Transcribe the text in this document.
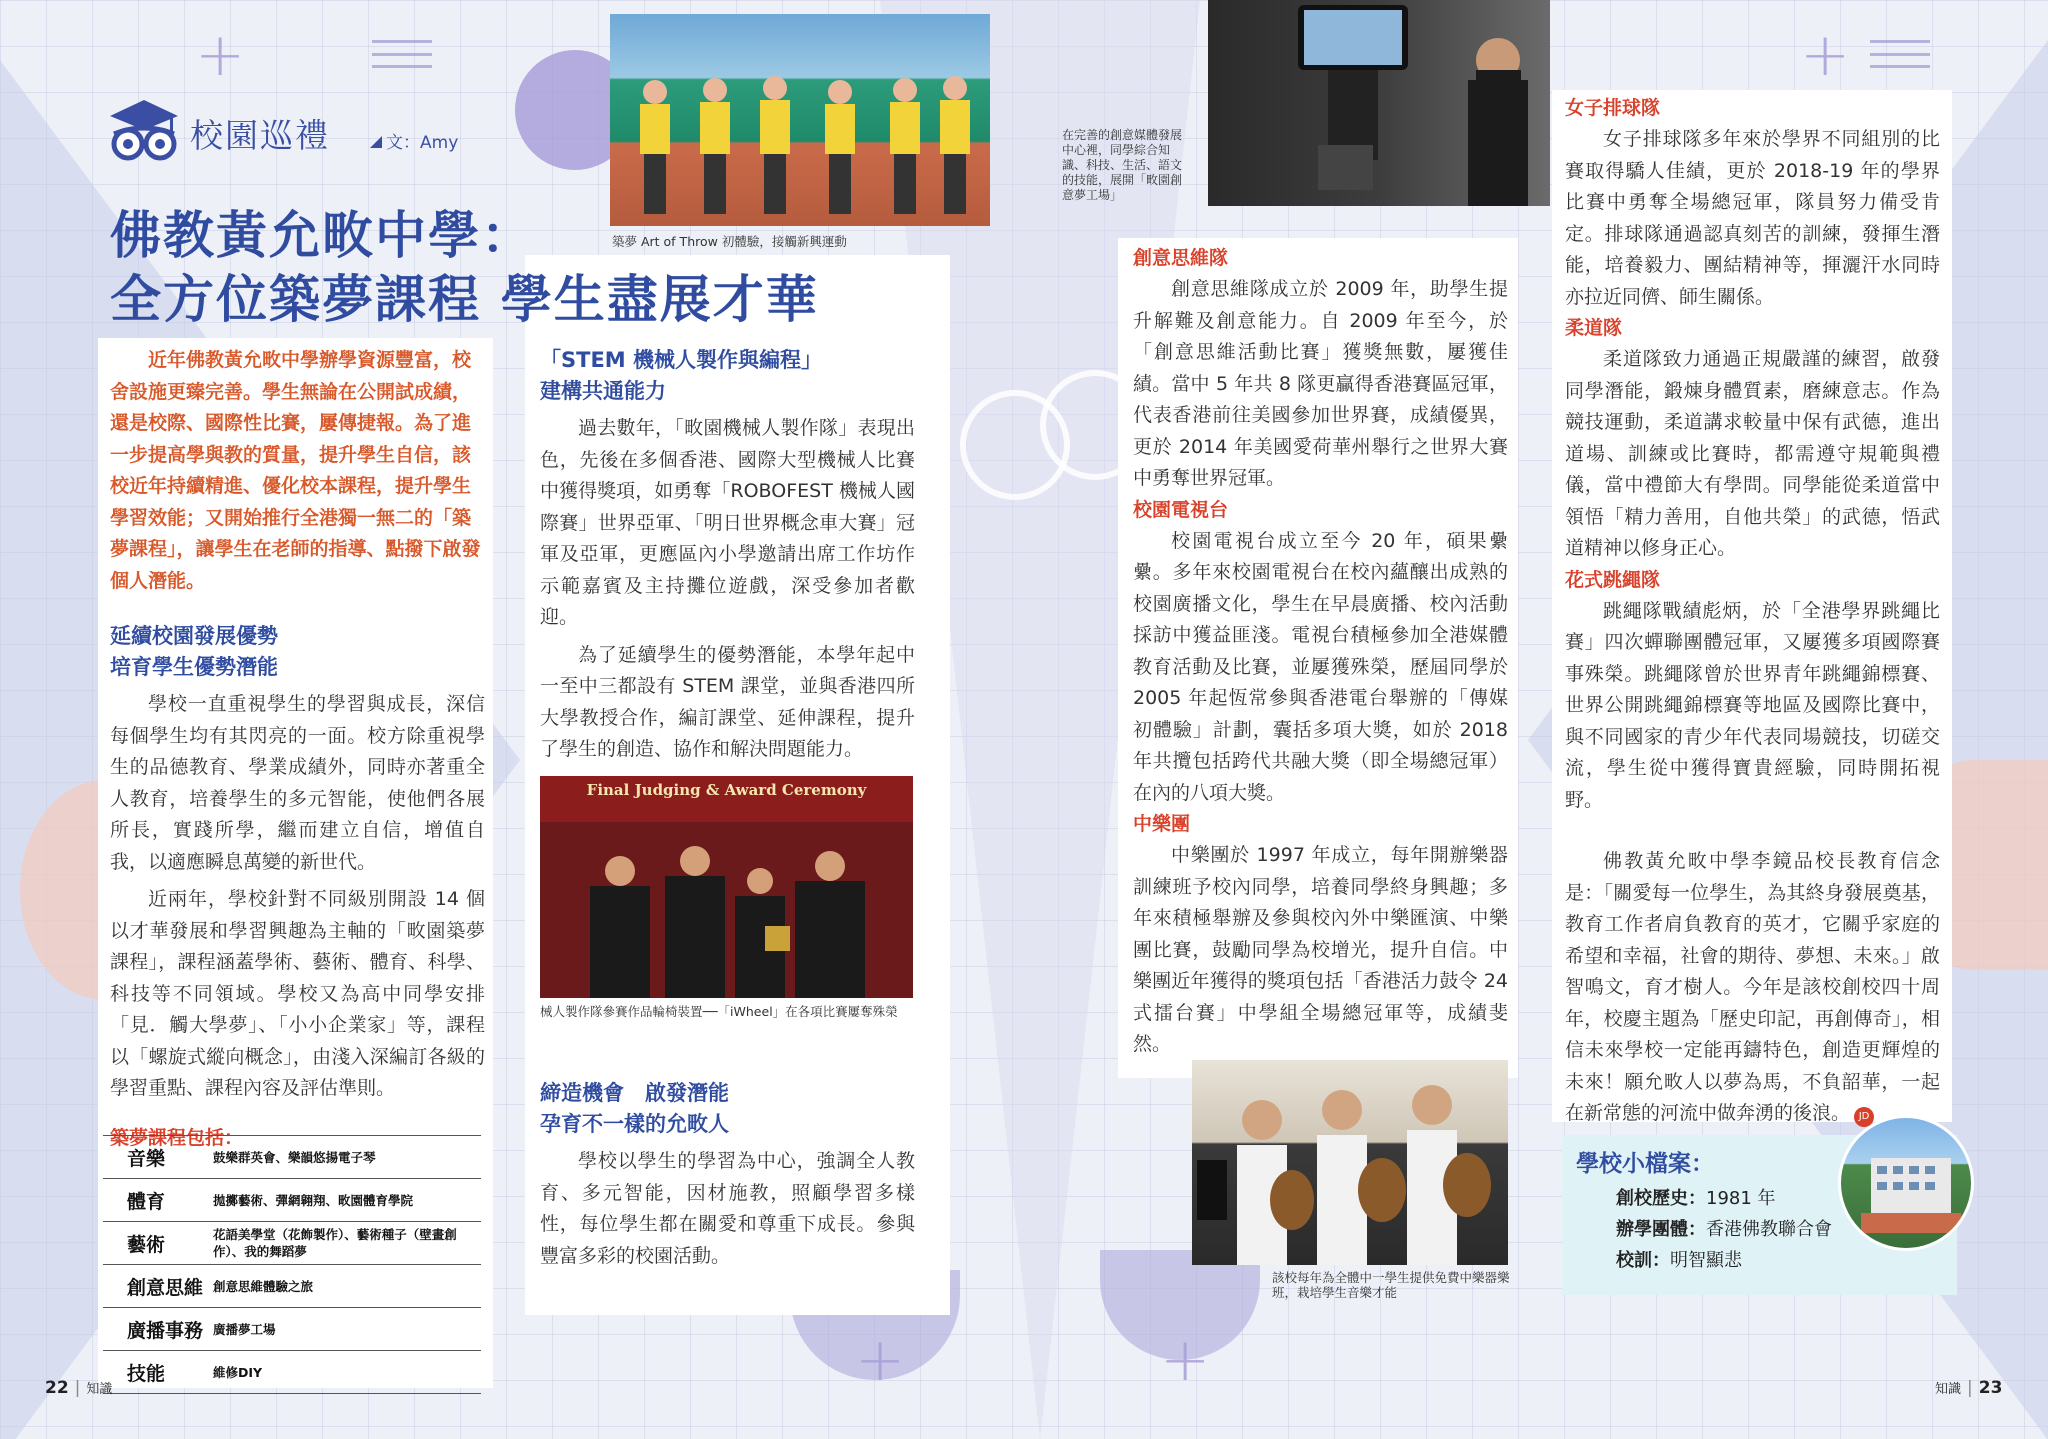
+	+
+	+
校園巡禮	文：Amy
佛教黃允畋中學：
全方位築夢課程 學生盡展才華

近年佛教黃允畋中學辦學資源豐富，校舍設施更臻完善。學生無論在公開試成績，還是校際、國際性比賽，屢傳捷報。為了進一步提高學與教的質量，提升學生自信，該校近年持續精進、優化校本課程，提升學生學習效能；又開始推行全港獨一無二的「築夢課程」，讓學生在老師的指導、點撥下啟發個人潛能。

延續校園發展優勢
培育學生優勢潛能

學校一直重視學生的學習與成長，深信每個學生均有其閃亮的一面。校方除重視學生的品德教育、學業成績外，同時亦著重全人教育，培養學生的多元智能，使他們各展所長，實踐所學，繼而建立自信，增值自我，以適應瞬息萬變的新世代。

近兩年，學校針對不同級別開設 14 個以才華發展和學習興趣為主軸的「畋園築夢課程」，課程涵蓋學術、藝術、體育、科學、科技等不同領域。學校又為高中同學安排「見．觸大學夢」、「小小企業家」等，課程以「螺旋式縱向概念」，由淺入深編訂各級的學習重點、課程內容及評估準則。

築夢課程包括：
音樂	鼓樂群英會、樂韻悠揚電子琴
體育	拋擲藝術、彈網翱翔、畋園體育學院
藝術	花語美學堂（花飾製作）、藝術種子（壁畫創作）、我的舞蹈夢
創意思維	創意思維體驗之旅
廣播事務	廣播夢工場
技能	維修DIY
築夢 Art of Throw 初體驗，接觸新興運動
「STEM 機械人製作與編程」
建構共通能力

過去數年，「畋園機械人製作隊」表現出色，先後在多個香港、國際大型機械人比賽中獲得獎項，如勇奪「ROBOFEST 機械人國際賽」世界亞軍、「明日世界概念車大賽」冠軍及亞軍，更應區內小學邀請出席工作坊作示範嘉賓及主持攤位遊戲，深受參加者歡迎。

為了延續學生的優勢潛能，本學年起中一至中三都設有 STEM 課堂，並與香港四所大學教授合作，編訂課堂、延伸課程，提升了學生的創造、協作和解決問題能力。

Final Judging & Award Ceremony
械人製作隊參賽作品輪椅裝置──「iWheel」在各項比賽屢奪殊榮
締造機會　啟發潛能
孕育不一樣的允畋人

學校以學生的學習為中心，強調全人教育、多元智能，因材施教，照顧學習多樣性，每位學生都在關愛和尊重下成長。參與豐富多彩的校園活動。

在完善的創意媒體發展中心裡，同學綜合知識、科技、生活、語文的技能，展開「畋園創意夢工場」
創意思維隊

創意思維隊成立於 2009 年，助學生提升解難及創意能力。自 2009 年至今，於「創意思維活動比賽」獲獎無數，屢獲佳績。當中 5 年共 8 隊更贏得香港賽區冠軍，代表香港前往美國參加世界賽，成績優異，更於 2014 年美國愛荷華州舉行之世界大賽中勇奪世界冠軍。

校園電視台

校園電視台成立至今 20 年，碩果纍纍。多年來校園電視台在校內蘊釀出成熟的校園廣播文化，學生在早晨廣播、校內活動採訪中獲益匪淺。電視台積極參加全港媒體教育活動及比賽，並屢獲殊榮，歷屆同學於 2005 年起恆常參與香港電台舉辦的「傳媒初體驗」計劃，囊括多項大獎，如於 2018 年共攬包括跨代共融大獎（即全場總冠軍）在內的八項大獎。

中樂團

中樂團於 1997 年成立，每年開辦樂器訓練班予校內同學，培養同學終身興趣；多年來積極舉辦及參與校內外中樂匯演、中樂團比賽，鼓勵同學為校增光，提升自信。中樂團近年獲得的獎項包括「香港活力鼓令 24 式擂台賽」中學組全場總冠軍等，成績斐然。

該校每年為全體中一學生提供免費中樂器樂班，栽培學生音樂才能
女子排球隊

女子排球隊多年來於學界不同組別的比賽取得驕人佳績，更於 2018-19 年的學界比賽中勇奪全場總冠軍，隊員努力備受肯定。排球隊通過認真刻苦的訓練，發揮生潛能，培養毅力、團結精神等，揮灑汗水同時亦拉近同儕、師生關係。

柔道隊

柔道隊致力通過正規嚴謹的練習，啟發同學潛能，鍛煉身體質素，磨練意志。作為競技運動，柔道講求較量中保有武德，進出道場、訓練或比賽時，都需遵守規範與禮儀，當中禮節大有學問。同學能從柔道當中領悟「精力善用，自他共榮」的武德，悟武道精神以修身正心。

花式跳繩隊

跳繩隊戰績彪炳，於「全港學界跳繩比賽」四次蟬聯團體冠軍，又屢獲多項國際賽事殊榮。跳繩隊曾於世界青年跳繩錦標賽、世界公開跳繩錦標賽等地區及國際比賽中，與不同國家的青少年代表同場競技，切磋交流，學生從中獲得寶貴經驗，同時開拓視野。

佛教黃允畋中學李鏡品校長教育信念是：「關愛每一位學生，為其終身發展奠基，教育工作者肩負教育的英才，它關乎家庭的希望和幸福，社會的期待、夢想、未來。」啟智鳴文，育才樹人。今年是該校創校四十周年，校慶主題為「歷史印記，再創傳奇」，相信未來學校一定能再鑄特色，創造更輝煌的未來！願允畋人以夢為馬，不負韶華，一起在新常態的河流中做奔湧的後浪。 JD

學校小檔案：
創校歷史：1981 年
辦學團體：香港佛教聯合會
校訓：明智顯悲
22 | 知識	知識 | 23
